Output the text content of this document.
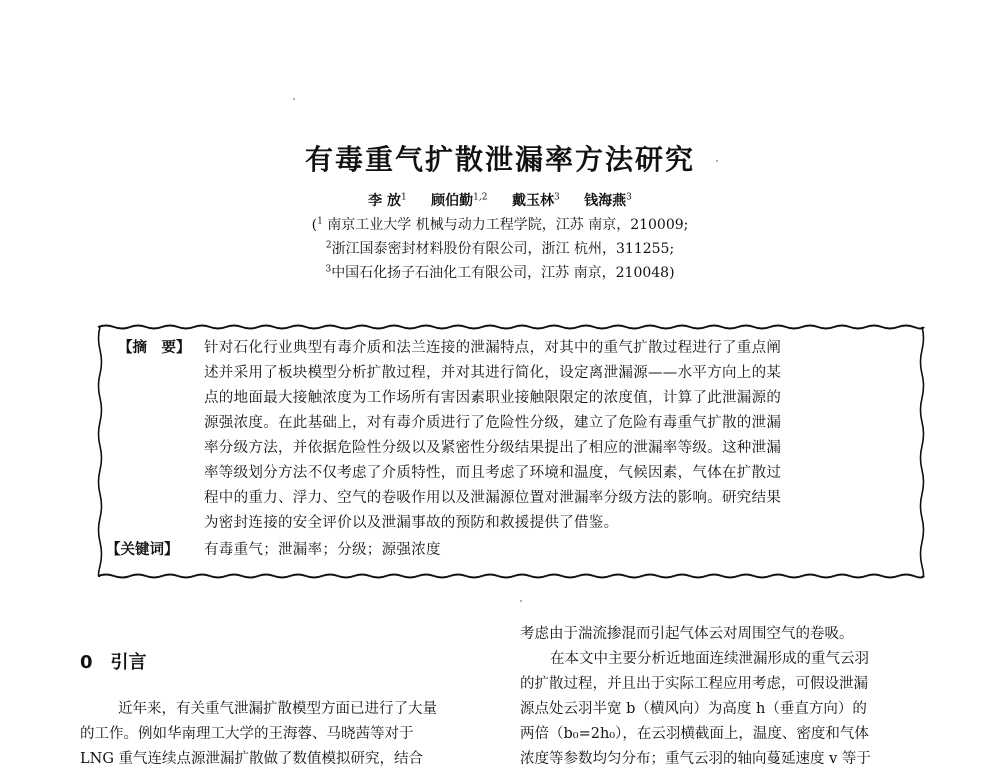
有毒重气扩散泄漏率方法研究
李 放$^1$ 顾伯勤$^{1,2}$ 戴玉林$^3$ 钱海燕$^3$
($^1$ 南京工业大学 机械与动力工程学院，江苏 南京，210009;
$^2$浙江国泰密封材料股份有限公司，浙江 杭州，311255;
$^3$中国石化扬子石油化工有限公司，江苏 南京，210048)
【摘　要】 针对石化行业典型有毒介质和法兰连接的泄漏特点，对其中的重气扩散过程进行了重点阐
述并采用了板块模型分析扩散过程，并对其进行简化，设定离泄漏源——水平方向上的某
点的地面最大接触浓度为工作场所有害因素职业接触限限定的浓度值，计算了此泄漏源的
源强浓度。在此基础上，对有毒介质进行了危险性分级，建立了危险有毒重气扩散的泄漏
率分级方法，并依据危险性分级以及紧密性分级结果提出了相应的泄漏率等级。这种泄漏
率等级划分方法不仅考虑了介质特性，而且考虑了环境和温度，气候因素，气体在扩散过
程中的重力、浮力、空气的卷吸作用以及泄漏源位置对泄漏率分级方法的影响。研究结果
为密封连接的安全评价以及泄漏事故的预防和救援提供了借鉴。
【关键词】 有毒重气；泄漏率；分级；源强浓度
0 引言
近年来，有关重气泄漏扩散模型方面已进行了大量
的工作。例如华南理工大学的王海蓉、马晓茜等对于
LNG 重气连续点源泄漏扩散做了数值模拟研究，结合
考虑由于湍流掺混而引起气体云对周围空气的卷吸。
在本文中主要分析近地面连续泄漏形成的重气云羽
的扩散过程，并且出于实际工程应用考虑，可假设泄漏
源点处云羽半宽 b（横风向）为高度 h（垂直方向）的
两倍（b₀=2h₀），在云羽横截面上，温度、密度和气体
浓度等参数均匀分布；重气云羽的轴向蔓延速度 v 等于
